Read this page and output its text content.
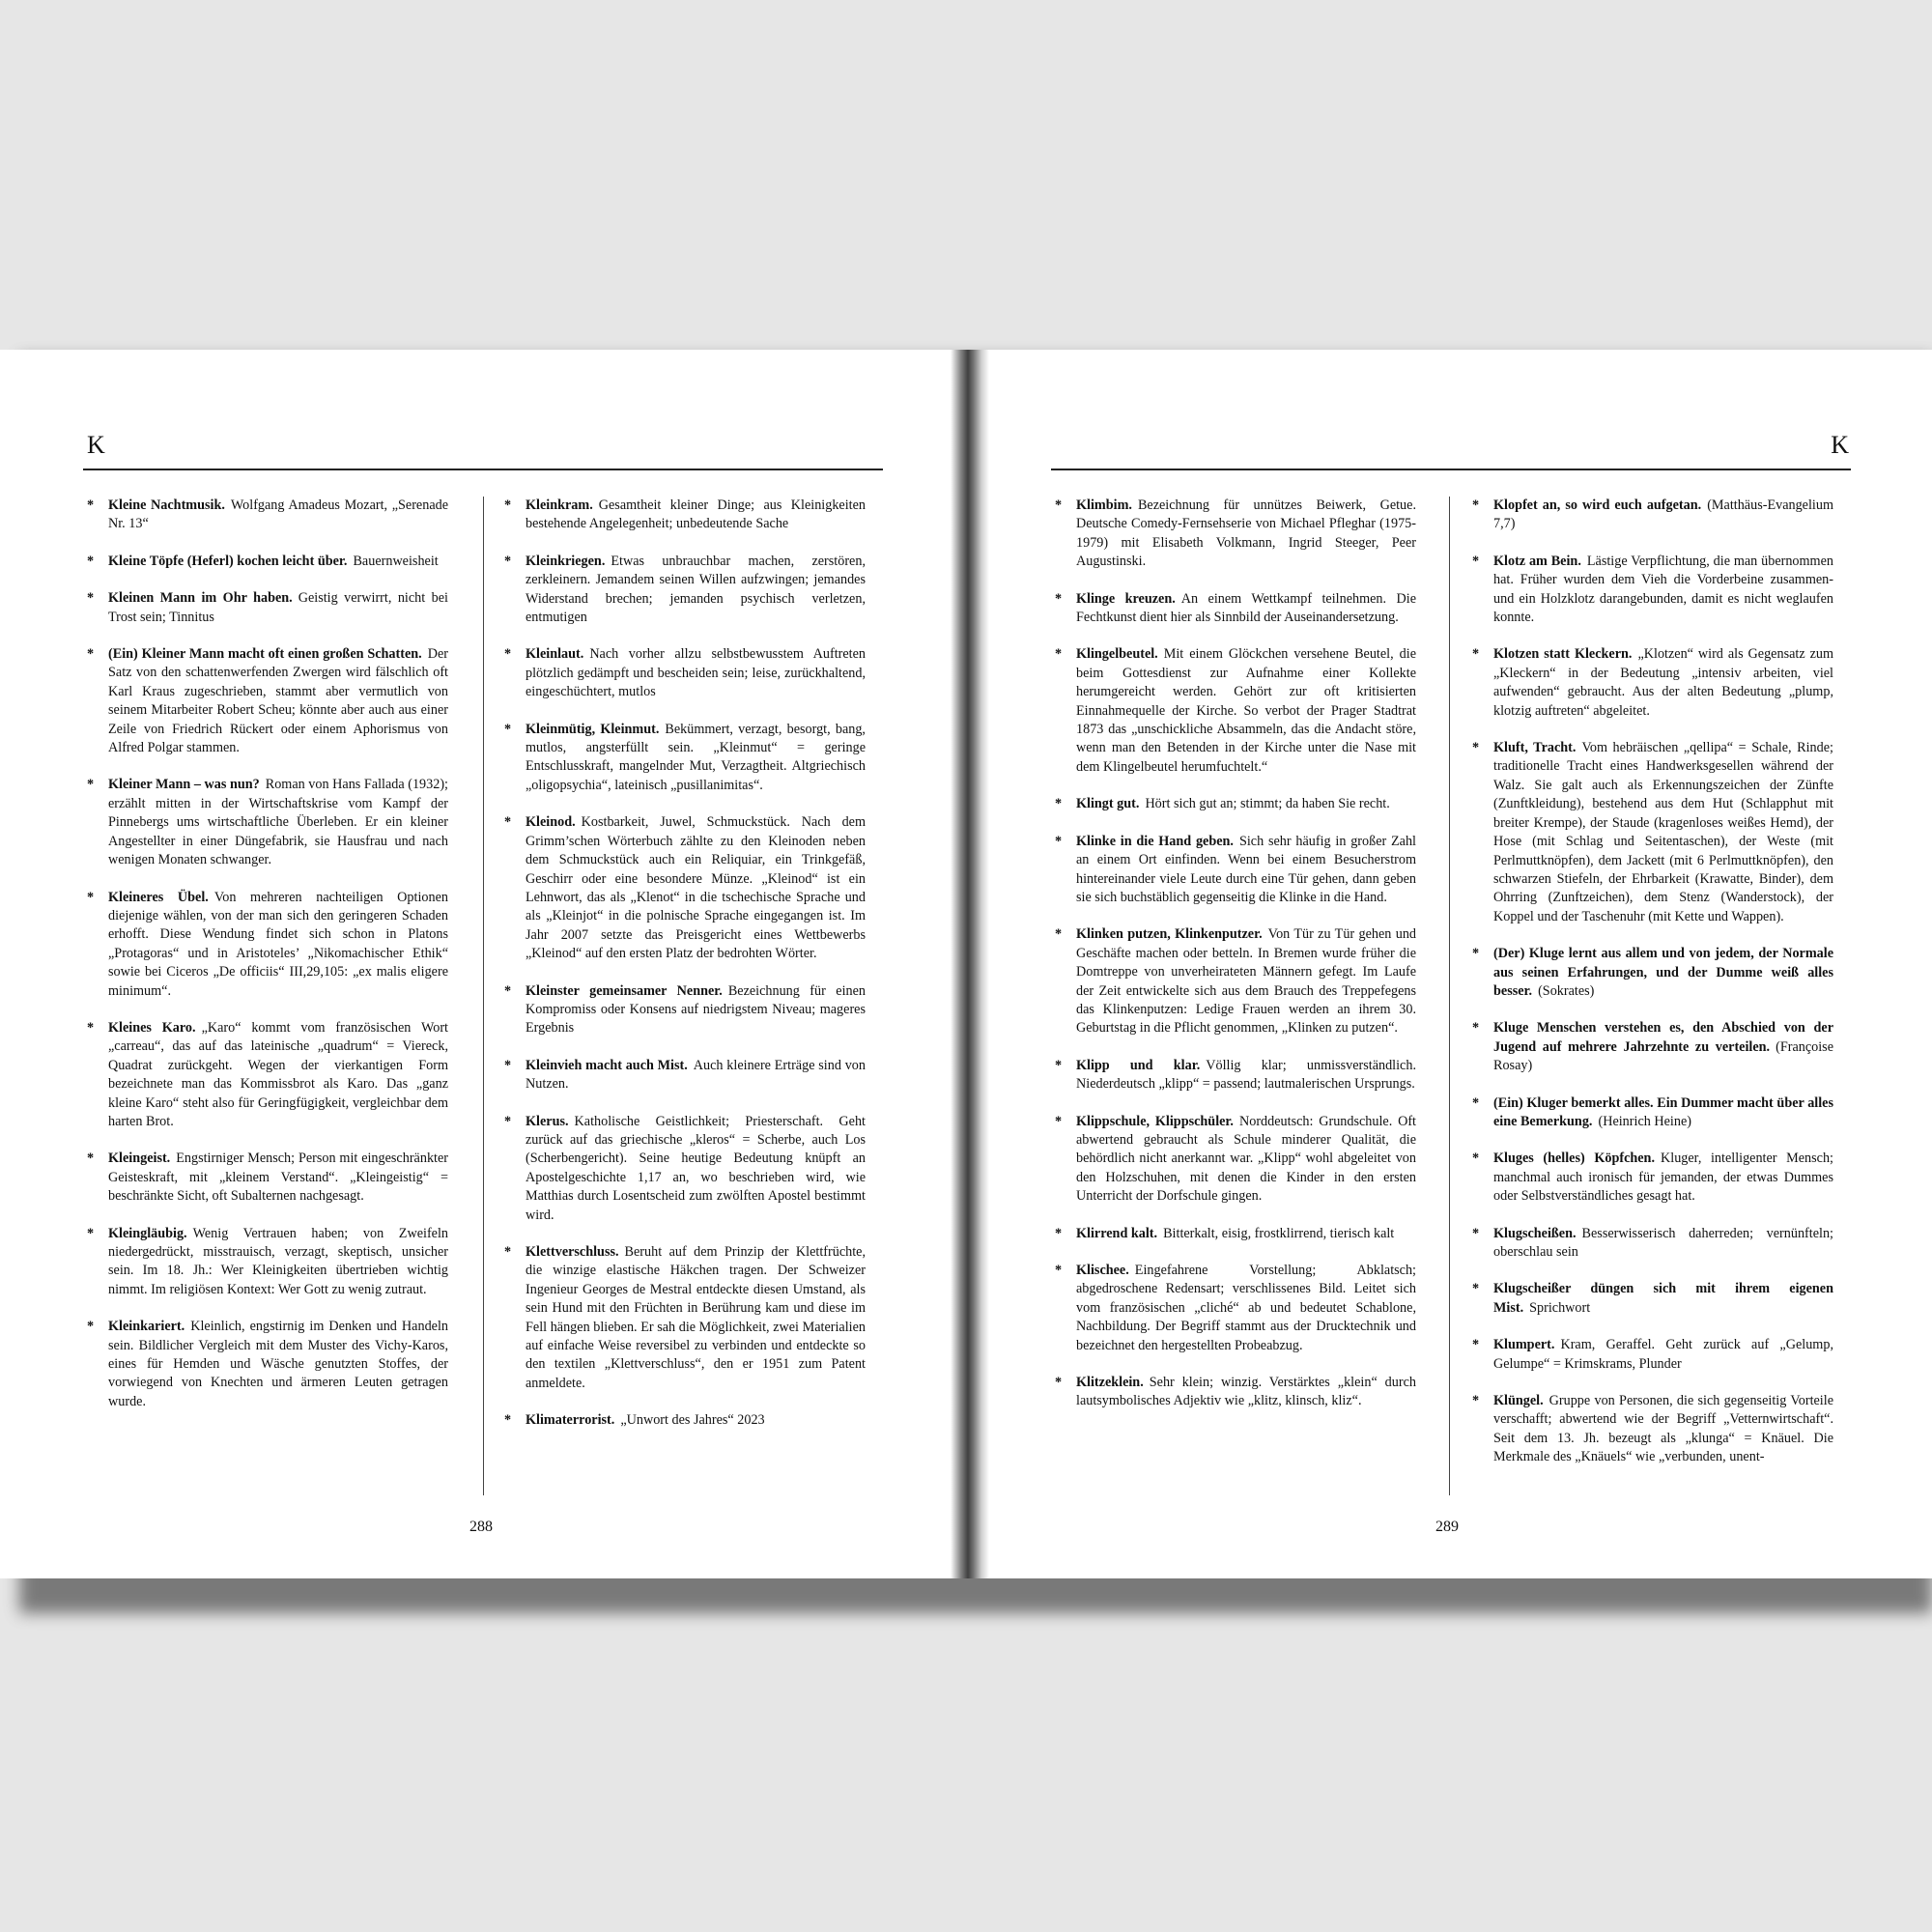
K
* Kleine Nachtmusik. Wolfgang Amadeus Mozart, „Serenade Nr. 13“
* Kleine Töpfe (Heferl) kochen leicht über. Bauernweisheit
* Kleinen Mann im Ohr haben. Geistig verwirrt, nicht bei Trost sein; Tinnitus
* (Ein) Kleiner Mann macht oft einen großen Schatten. Der Satz von den schattenwerfenden Zwergen wird fälschlich oft Karl Kraus zugeschrieben, stammt aber vermutlich von seinem Mitarbeiter Robert Scheu; könnte aber auch aus einer Zeile von Friedrich Rückert oder einem Aphorismus von Alfred Polgar stammen.
* Kleiner Mann – was nun? Roman von Hans Fallada (1932); erzählt mitten in der Wirtschaftskrise vom Kampf der Pinnebergs ums wirtschaftliche Überleben. Er ein kleiner Angestellter in einer Düngefabrik, sie Hausfrau und nach wenigen Monaten schwanger.
* Kleineres Übel. Von mehreren nachteiligen Optionen diejenige wählen, von der man sich den geringeren Schaden erhofft. Diese Wendung findet sich schon in Platons „Protagoras“ und in Aristoteles’ „Nikomachischer Ethik“ sowie bei Ciceros „De officiis“ III,29,105: „ex malis eligere minimum“.
* Kleines Karo. „Karo“ kommt vom französischen Wort „carreau“, das auf das lateinische „quadrum“ = Viereck, Quadrat zurückgeht. Wegen der vierkantigen Form bezeichnete man das Kommissbrot als Karo. Das „ganz kleine Karo“ steht also für Geringfügigkeit, vergleichbar dem harten Brot.
* Kleingeist. Engstirniger Mensch; Person mit eingeschränkter Geisteskraft, mit „kleinem Verstand“. „Kleingeistig“ = beschränkte Sicht, oft Subalternen nachgesagt.
* Kleingläubig. Wenig Vertrauen haben; von Zweifeln niedergedrückt, misstrauisch, verzagt, skeptisch, unsicher sein. Im 18. Jh.: Wer Kleinigkeiten übertrieben wichtig nimmt. Im religiösen Kontext: Wer Gott zu wenig zutraut.
* Kleinkariert. Kleinlich, engstirnig im Denken und Handeln sein. Bildlicher Vergleich mit dem Muster des Vichy-Karos, eines für Hemden und Wäsche genutzten Stoffes, der vorwiegend von Knechten und ärmeren Leuten getragen wurde.
* Kleinkram. Gesamtheit kleiner Dinge; aus Kleinigkeiten bestehende Angelegenheit; unbedeutende Sache
* Kleinkriegen. Etwas unbrauchbar machen, zerstören, zerkleinern. Jemandem seinen Willen aufzwingen; jemandes Widerstand brechen; jemanden psychisch verletzen, entmutigen
* Kleinlaut. Nach vorher allzu selbstbewusstem Auftreten plötzlich gedämpft und bescheiden sein; leise, zurückhaltend, eingeschüchtert, mutlos
* Kleinmütig, Kleinmut. Bekümmert, verzagt, besorgt, bang, mutlos, angsterfüllt sein. „Kleinmut“ = geringe Entschlusskraft, mangelnder Mut, Verzagtheit. Altgriechisch „oligopsychia“, lateinisch „pusillanimitas“.
* Kleinod. Kostbarkeit, Juwel, Schmuckstück. Nach dem Grimm’schen Wörterbuch zählte zu den Kleinoden neben dem Schmuckstück auch ein Reliquiar, ein Trinkgefäß, Geschirr oder eine besondere Münze. „Kleinod“ ist ein Lehnwort, das als „Klenot“ in die tschechische Sprache und als „Kleinjot“ in die polnische Sprache eingegangen ist. Im Jahr 2007 setzte das Preisgericht eines Wettbewerbs „Kleinod“ auf den ersten Platz der bedrohten Wörter.
* Kleinster gemeinsamer Nenner. Bezeichnung für einen Kompromiss oder Konsens auf niedrigstem Niveau; mageres Ergebnis
* Kleinvieh macht auch Mist. Auch kleinere Erträge sind von Nutzen.
* Klerus. Katholische Geistlichkeit; Priesterschaft. Geht zurück auf das griechische „kleros“ = Scherbe, auch Los (Scherbengericht). Seine heutige Bedeutung knüpft an Apostelgeschichte 1,17 an, wo beschrieben wird, wie Matthias durch Losentscheid zum zwölften Apostel bestimmt wird.
* Klettverschluss. Beruht auf dem Prinzip der Klettfrüchte, die winzige elastische Häkchen tragen. Der Schweizer Ingenieur Georges de Mestral entdeckte diesen Umstand, als sein Hund mit den Früchten in Berührung kam und diese im Fell hängen blieben. Er sah die Möglichkeit, zwei Materialien auf einfache Weise reversibel zu verbinden und entdeckte so den textilen „Klettverschluss“, den er 1951 zum Patent anmeldete.
* Klimaterrorist. „Unwort des Jahres“ 2023
288
K
* Klimbim. Bezeichnung für unnützes Beiwerk, Getue. Deutsche Comedy-Fernsehserie von Michael Pfleghar (1975-1979) mit Elisabeth Volkmann, Ingrid Steeger, Peer Augustinski.
* Klinge kreuzen. An einem Wettkampf teilnehmen. Die Fechtkunst dient hier als Sinnbild der Auseinandersetzung.
* Klingelbeutel. Mit einem Glöckchen versehene Beutel, die beim Gottesdienst zur Aufnahme einer Kollekte herumgereicht werden. Gehört zur oft kritisierten Einnahmequelle der Kirche. So verbot der Prager Stadtrat 1873 das „unschickliche Absammeln, das die Andacht störe, wenn man den Betenden in der Kirche unter die Nase mit dem Klingelbeutel herumfuchtelt.“
* Klingt gut. Hört sich gut an; stimmt; da haben Sie recht.
* Klinke in die Hand geben. Sich sehr häufig in großer Zahl an einem Ort einfinden. Wenn bei einem Besucherstrom hintereinander viele Leute durch eine Tür gehen, dann geben sie sich buchstäblich gegenseitig die Klinke in die Hand.
* Klinken putzen, Klinkenputzer. Von Tür zu Tür gehen und Geschäfte machen oder betteln. In Bremen wurde früher die Domtreppe von unverheirateten Männern gefegt. Im Laufe der Zeit entwickelte sich aus dem Brauch des Treppefegens das Klinkenputzen: Ledige Frauen werden an ihrem 30. Geburtstag in die Pflicht genommen, „Klinken zu putzen“.
* Klipp und klar. Völlig klar; unmissverständlich. Niederdeutsch „klipp“ = passend; lautmalerischen Ursprungs.
* Klippschule, Klippschüler. Norddeutsch: Grundschule. Oft abwertend gebraucht als Schule minderer Qualität, die behördlich nicht anerkannt war. „Klipp“ wohl abgeleitet von den Holzschuhen, mit denen die Kinder in den ersten Unterricht der Dorfschule gingen.
* Klirrend kalt. Bitterkalt, eisig, frostklirrend, tierisch kalt
* Klischee. Eingefahrene Vorstellung; Abklatsch; abgedroschene Redensart; verschlissenes Bild. Leitet sich vom französischen „cliché“ ab und bedeutet Schablone, Nachbildung. Der Begriff stammt aus der Drucktechnik und bezeichnet den hergestellten Probeabzug.
* Klitzeklein. Sehr klein; winzig. Verstärktes „klein“ durch lautsymbolisches Adjektiv wie „klitz, klinsch, kliz“.
* Klopfet an, so wird euch aufgetan. (Matthäus-Evangelium 7,7)
* Klotz am Bein. Lästige Verpflichtung, die man übernommen hat. Früher wurden dem Vieh die Vorderbeine zusammen- und ein Holzklotz darangebunden, damit es nicht weglaufen konnte.
* Klotzen statt Kleckern. „Klotzen“ wird als Gegensatz zum „Kleckern“ in der Bedeutung „intensiv arbeiten, viel aufwenden“ gebraucht. Aus der alten Bedeutung „plump, klotzig auftreten“ abgeleitet.
* Kluft, Tracht. Vom hebräischen „qellipa“ = Schale, Rinde; traditionelle Tracht eines Handwerksgesellen während der Walz. Sie galt auch als Erkennungszeichen der Zünfte (Zunftkleidung), bestehend aus dem Hut (Schlapphut mit breiter Krempe), der Staude (kragenloses weißes Hemd), der Hose (mit Schlag und Seitentaschen), der Weste (mit Perlmuttknöpfen), dem Jackett (mit 6 Perlmuttknöpfen), den schwarzen Stiefeln, der Ehrbarkeit (Krawatte, Binder), dem Ohrring (Zunftzeichen), dem Stenz (Wanderstock), der Koppel und der Taschenuhr (mit Kette und Wappen).
* (Der) Kluge lernt aus allem und von jedem, der Normale aus seinen Erfahrungen, und der Dumme weiß alles besser. (Sokrates)
* Kluge Menschen verstehen es, den Abschied von der Jugend auf mehrere Jahrzehnte zu verteilen. (Françoise Rosay)
* (Ein) Kluger bemerkt alles. Ein Dummer macht über alles eine Bemerkung. (Heinrich Heine)
* Kluges (helles) Köpfchen. Kluger, intelligenter Mensch; manchmal auch ironisch für jemanden, der etwas Dummes oder Selbstverständliches gesagt hat.
* Klugscheißen. Besserwisserisch daherreden; vernünfteln; oberschlau sein
* Klugscheißer düngen sich mit ihrem eigenen Mist. Sprichwort
* Klumpert. Kram, Geraffel. Geht zurück auf „Gelump, Gelumpe“ = Krimskrams, Plunder
* Klüngel. Gruppe von Personen, die sich gegenseitig Vorteile verschafft; abwertend wie der Begriff „Vetternwirtschaft“. Seit dem 13. Jh. bezeugt als „klunga“ = Knäuel. Die Merkmale des „Knäuels“ wie „verbunden, unent-
289
